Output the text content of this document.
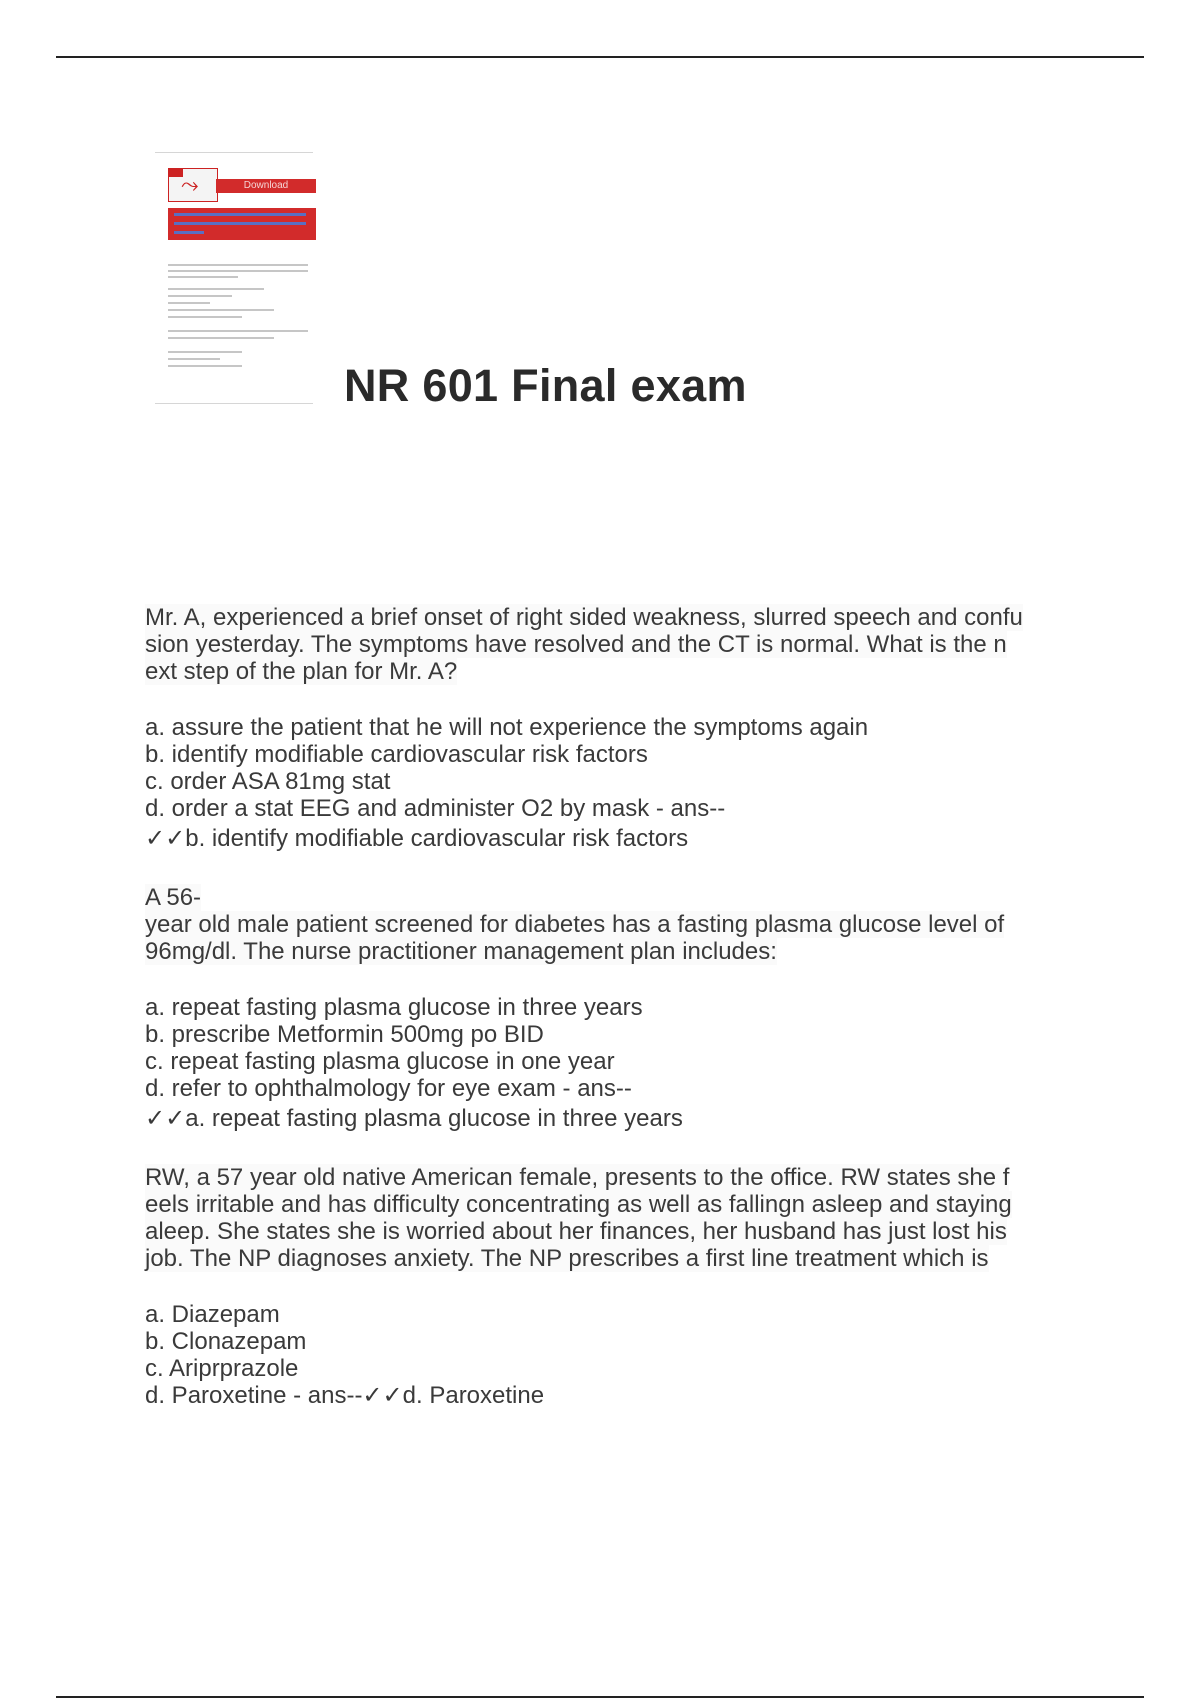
⤳	Download
NR 601 Final exam

Mr. A, experienced a brief onset of right sided weakness, slurred speech and confu
sion yesterday. The symptoms have resolved and the CT is normal. What is the n
ext step of the plan for Mr. A?

a. assure the patient that he will not experience the symptoms again

b. identify modifiable cardiovascular risk factors

c. order ASA 81mg stat

d. order a stat EEG and administer O2 by mask - ans--

✓✓b. identify modifiable cardiovascular risk factors

A 56-
year old male patient screened for diabetes has a fasting plasma glucose level of
96mg/dl. The nurse practitioner management plan includes:

a. repeat fasting plasma glucose in three years

b. prescribe Metformin 500mg po BID

c. repeat fasting plasma glucose in one year

d. refer to ophthalmology for eye exam - ans--

✓✓a. repeat fasting plasma glucose in three years

RW, a 57 year old native American female, presents to the office. RW states she f
eels irritable and has difficulty concentrating as well as fallingn asleep and staying
aleep. She states she is worried about her finances, her husband has just lost his
job. The NP diagnoses anxiety. The NP prescribes a first line treatment which is

a. Diazepam

b. Clonazepam

c. Ariprprazole

d. Paroxetine - ans--✓✓d. Paroxetine
